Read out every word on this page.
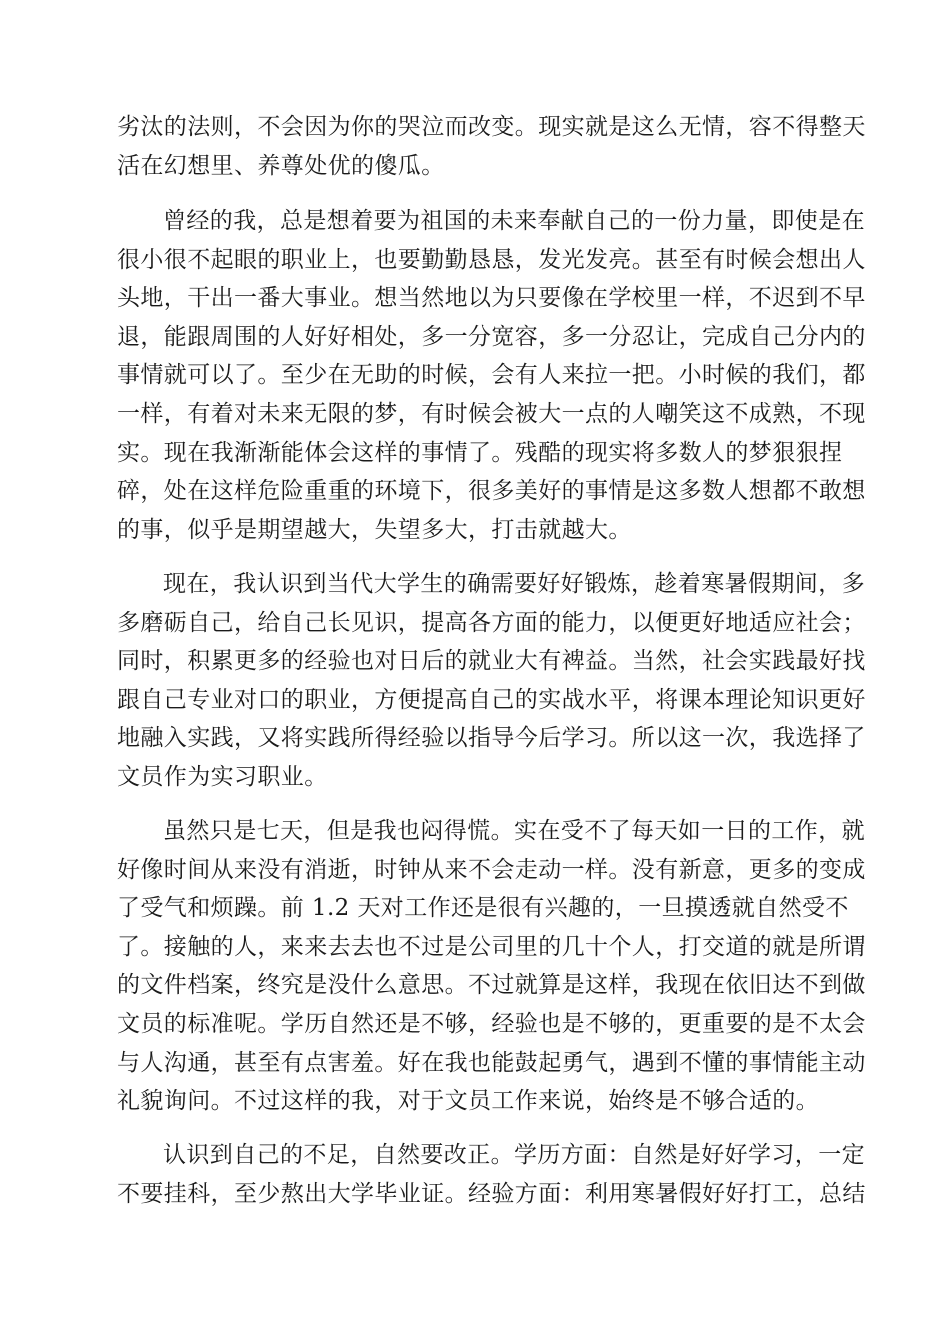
劣汰的法则，不会因为你的哭泣而改变。现实就是这么无情，容不得整天
活在幻想里、养尊处优的傻瓜。
曾经的我，总是想着要为祖国的未来奉献自己的一份力量，即使是在
很小很不起眼的职业上，也要勤勤恳恳，发光发亮。甚至有时候会想出人
头地，干出一番大事业。想当然地以为只要像在学校里一样，不迟到不早
退，能跟周围的人好好相处，多一分宽容，多一分忍让，完成自己分内的
事情就可以了。至少在无助的时候，会有人来拉一把。小时候的我们，都
一样，有着对未来无限的梦，有时候会被大一点的人嘲笑这不成熟，不现
实。现在我渐渐能体会这样的事情了。残酷的现实将多数人的梦狠狠捏
碎，处在这样危险重重的环境下，很多美好的事情是这多数人想都不敢想
的事，似乎是期望越大，失望多大，打击就越大。
现在，我认识到当代大学生的确需要好好锻炼，趁着寒暑假期间，多
多磨砺自己，给自己长见识，提高各方面的能力，以便更好地适应社会；
同时，积累更多的经验也对日后的就业大有裨益。当然，社会实践最好找
跟自己专业对口的职业，方便提高自己的实战水平，将课本理论知识更好
地融入实践，又将实践所得经验以指导今后学习。所以这一次，我选择了
文员作为实习职业。
虽然只是七天，但是我也闷得慌。实在受不了每天如一日的工作，就
好像时间从来没有消逝，时钟从来不会走动一样。没有新意，更多的变成
了受气和烦躁。前 1.2 天对工作还是很有兴趣的，一旦摸透就自然受不
了。接触的人，来来去去也不过是公司里的几十个人，打交道的就是所谓
的文件档案，终究是没什么意思。不过就算是这样，我现在依旧达不到做
文员的标准呢。学历自然还是不够，经验也是不够的，更重要的是不太会
与人沟通，甚至有点害羞。好在我也能鼓起勇气，遇到不懂的事情能主动
礼貌询问。不过这样的我，对于文员工作来说，始终是不够合适的。
认识到自己的不足，自然要改正。学历方面：自然是好好学习，一定
不要挂科，至少熬出大学毕业证。经验方面：利用寒暑假好好打工，总结
